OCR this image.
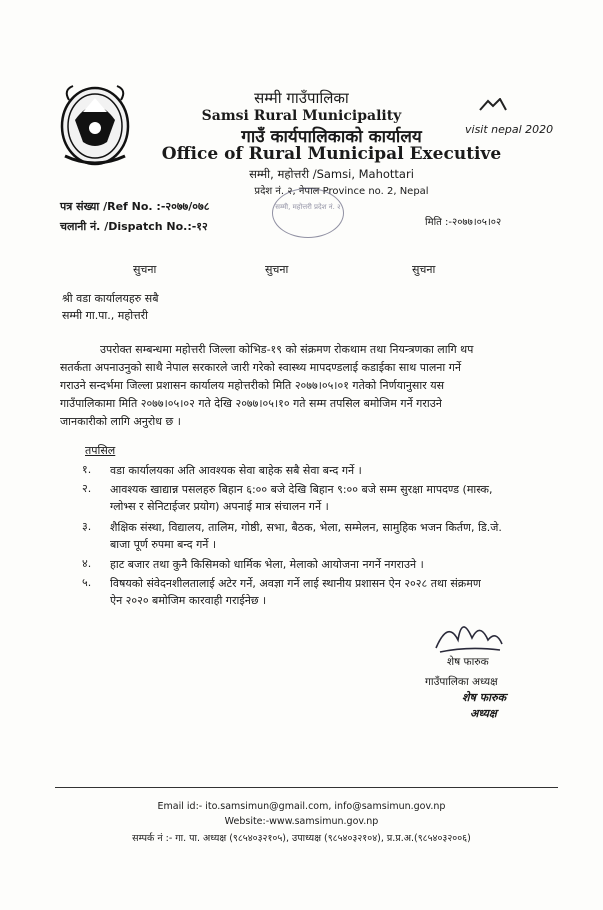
visit nepal 2020
सम्मी गाउँपालिका
Samsi Rural Municipality
गाउँ कार्यपालिकाको कार्यालय
Office of Rural Municipal Executive
सम्मी, महोत्तरी /Samsi, Mahottari
प्रदेश नं. २, नेपाल Province no. 2, Nepal
सम्मी, महोत्तरी प्रदेश नं. २
पत्र संख्या /Ref No. :-२०७७/०७८
चलानी नं. /Dispatch No.:-१२	मिति :-२०७७।०५।०२
सुचना	सुचना	सुचना
श्री वडा कार्यालयहरु सबै
सम्मी गा.पा., महोत्तरी
उपरोक्त सम्बन्धमा महोत्तरी जिल्ला कोभिड-१९ को संक्रमण रोकथाम तथा नियन्त्रणका लागि थप
सतर्कता अपनाउनुको साथै नेपाल सरकारले जारी गरेको स्वास्थ्य मापदण्डलाई कडाईका साथ पालना गर्ने
गराउने सन्दर्भमा जिल्ला प्रशासन कार्यालय महोत्तरीको मिति २०७७।०५।०१ गतेको निर्णयानुसार यस
गाउँपालिकामा मिति २०७७।०५।०२ गते देखि २०७७।०५।१० गते सम्म तपसिल बमोजिम गर्ने गराउने
जानकारीको लागि अनुरोध छ ।
तपसिल
१. वडा कार्यालयका अति आवश्यक सेवा बाहेक सबै सेवा बन्द गर्ने ।
२. आवश्यक खाद्यान्न पसलहरु बिहान ६:०० बजे देखि बिहान ९:०० बजे सम्म सुरक्षा मापदण्ड (मास्क,
ग्लोभ्स र सेनिटाईजर प्रयोग) अपनाई मात्र संचालन गर्ने ।
३. शैक्षिक संस्था, विद्यालय, तालिम, गोष्ठी, सभा, बैठक, भेला, सम्मेलन, सामुहिक भजन किर्तण, डि.जे.
बाजा पूर्ण रुपमा बन्द गर्ने ।
४. हाट बजार तथा कुनै किसिमको धार्मिक भेला, मेलाको आयोजना नगर्ने नगराउने ।
५. विषयको संवेदनशीलतालाई अटेर गर्ने, अवज्ञा गर्ने लाई स्थानीय प्रशासन ऐन २०२८ तथा संक्रमण
ऐन २०२० बमोजिम कारवाही गराईनेछ ।
शेष फारुक
गाउँपालिका अध्यक्ष
शेष फारुक
अध्यक्ष
Email id:- ito.samsimun@gmail.com, info@samsimun.gov.np
Website:-www.samsimun.gov.np
सम्पर्क नं :- गा. पा. अध्यक्ष (९८५४०३२१०५), उपाध्यक्ष (९८५४०३२१०४), प्र.प्र.अ.(९८५४०३२००६)
